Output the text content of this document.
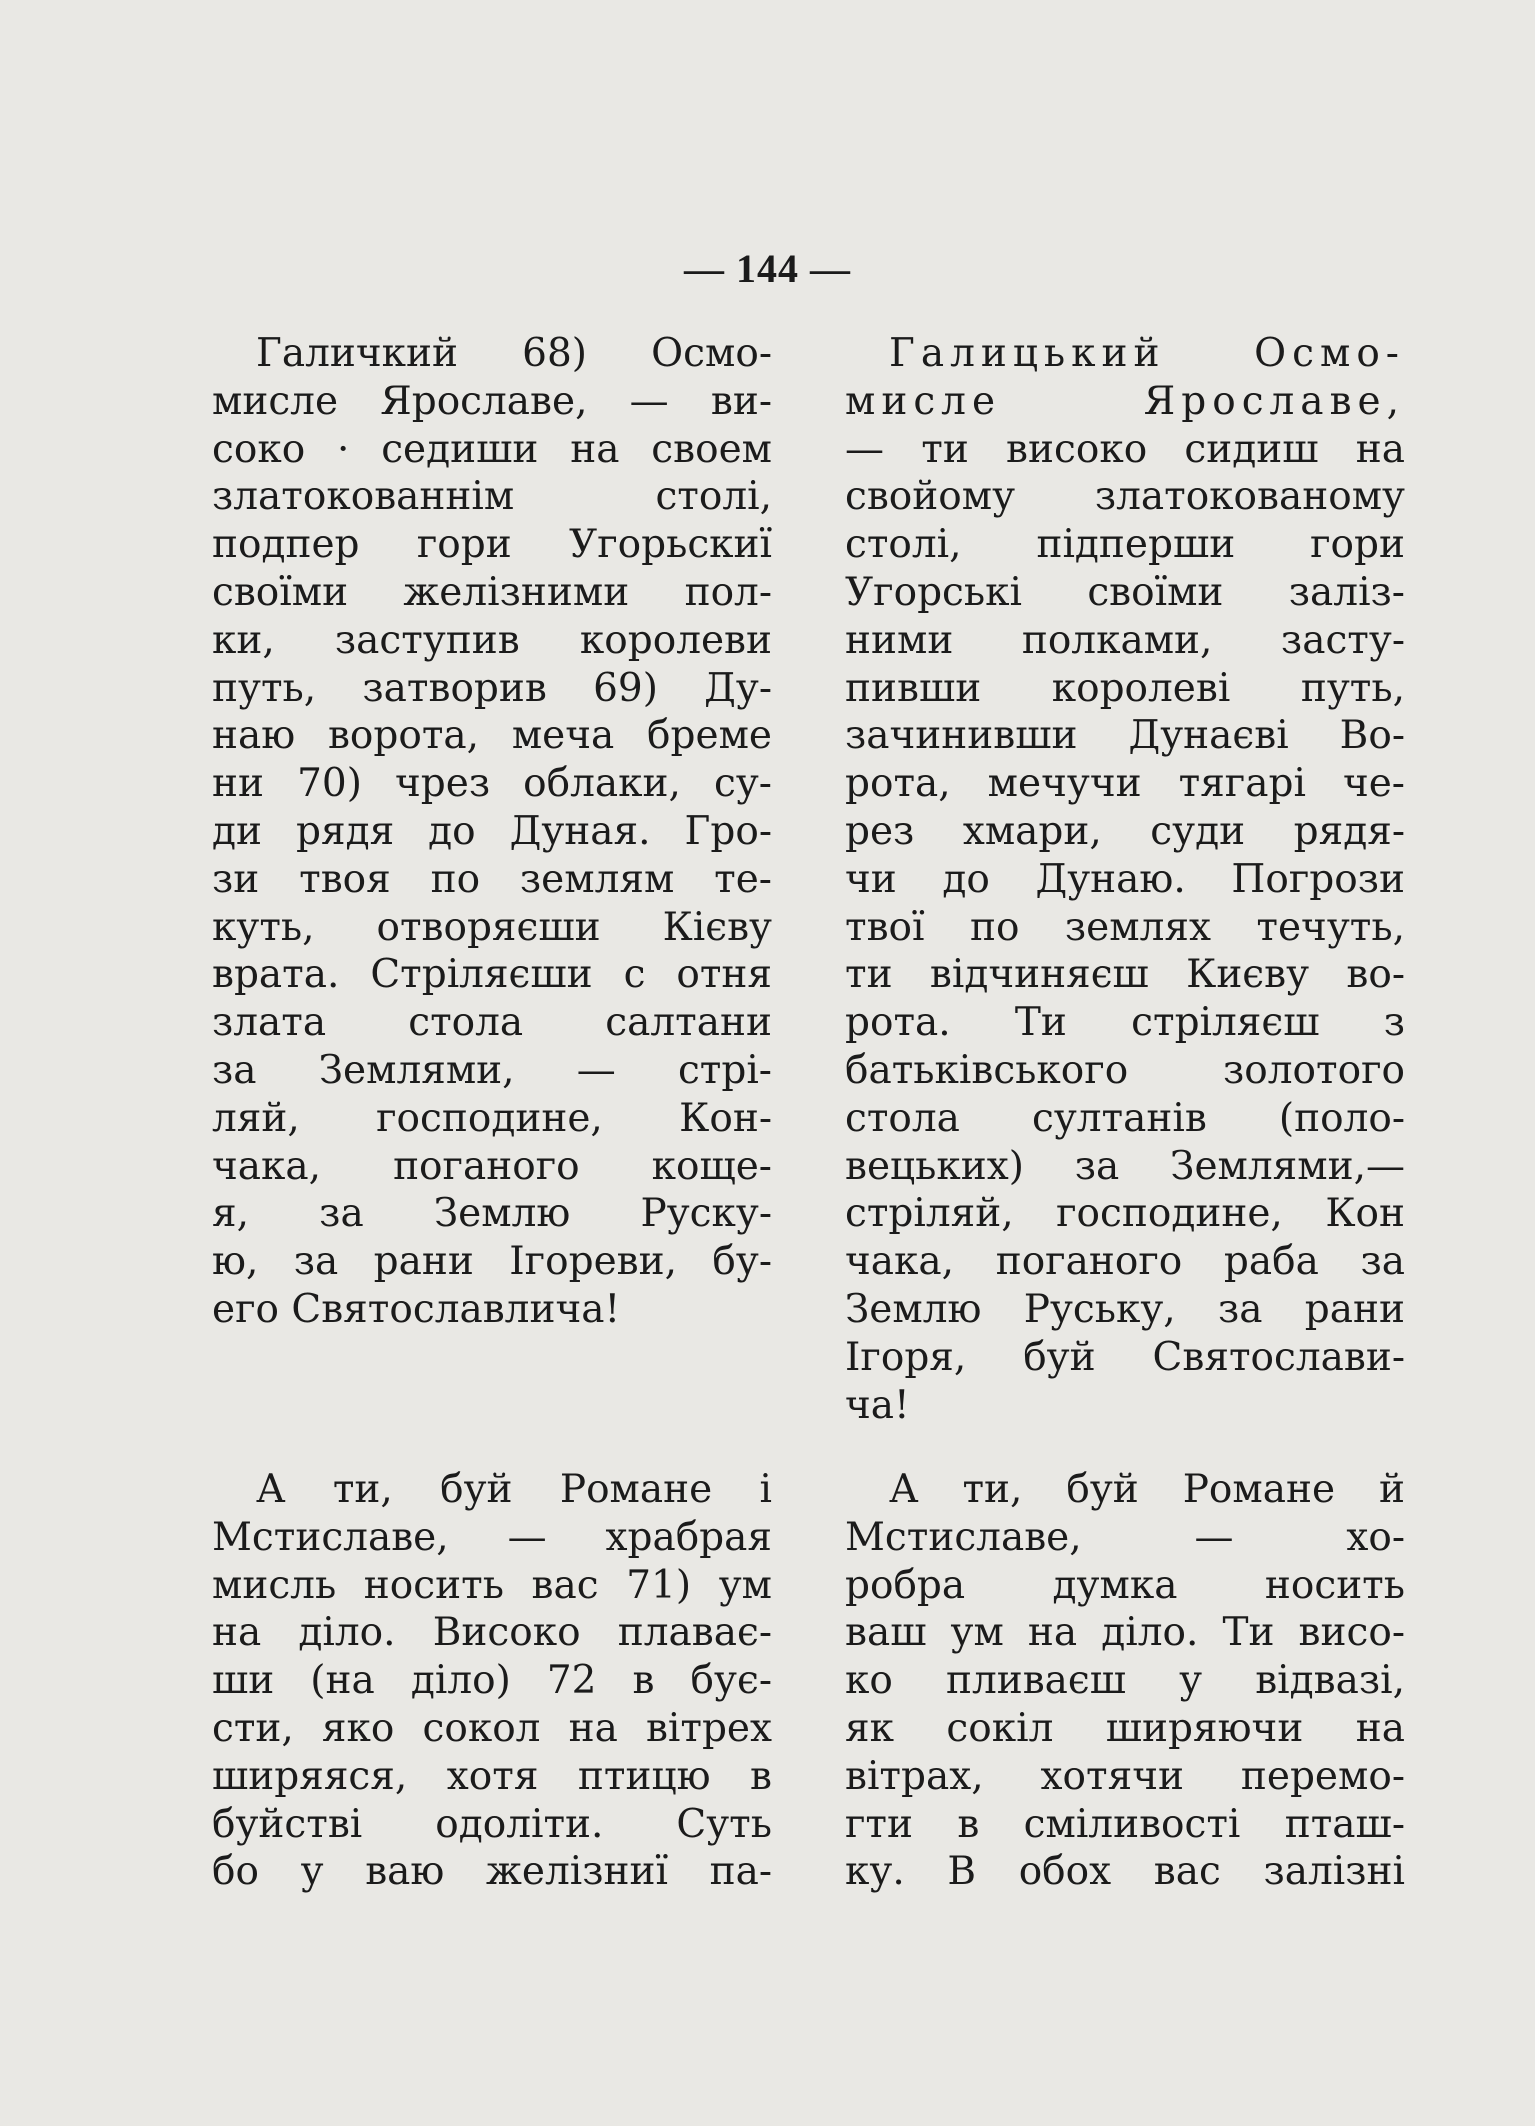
— 144 —
Галичкий 68) Осмо-
мисле Ярославе, — ви-
соко · седиши на своем
златокованнім столі,
подпер гори Угорьскиї
своїми желізними пол-
ки, заступив королеви
путь, затворив 69) Ду-
наю ворота, меча бреме
ни 70) чрез облаки, су-
ди рядя до Дуная. Гро-
зи твоя по землям те-
куть, отворяєши Кієву
врата. Стріляєши с отня
злата стола салтани
за Землями, — стрі-
ляй, господине, Кон-
чака, поганого коще-
я, за Землю Руску-
ю, за рани Ігореви, бу-
его Святославлича!
А ти, буй Романе і
Мстиславе, — храбрая
мисль носить вас 71) ум
на діло. Високо плаває-
ши (на діло) 72 в бує-
сти, яко сокол на вітрех
ширяяся, хотя птицю в
буйстві одоліти. Суть
бо у ваю желізниї па-
Галицький Осмо-
мисле Ярославе,
— ти високо сидиш на
свойому златокованому
столі, підперши гори
Угорські своїми заліз-
ними полками, засту-
пивши королеві путь,
зачинивши Дунаєві Во-
рота, мечучи тягарі че-
рез хмари, суди рядя-
чи до Дунаю. Погрози
твої по землях течуть,
ти відчиняєш Києву во-
рота. Ти стріляєш з
батьківського золотого
стола султанів (поло-
вецьких) за Землями,—
стріляй, господине, Кон
чака, поганого раба за
Землю Руську, за рани
Ігоря, буй Святослави-
ча!
А ти, буй Романе й
Мстиславе, — хо-
робра думка носить
ваш ум на діло. Ти висо-
ко пливаєш у відвазі,
як сокіл ширяючи на
вітрах, хотячи перемо-
гти в сміливості пташ-
ку. В обох вас залізні
